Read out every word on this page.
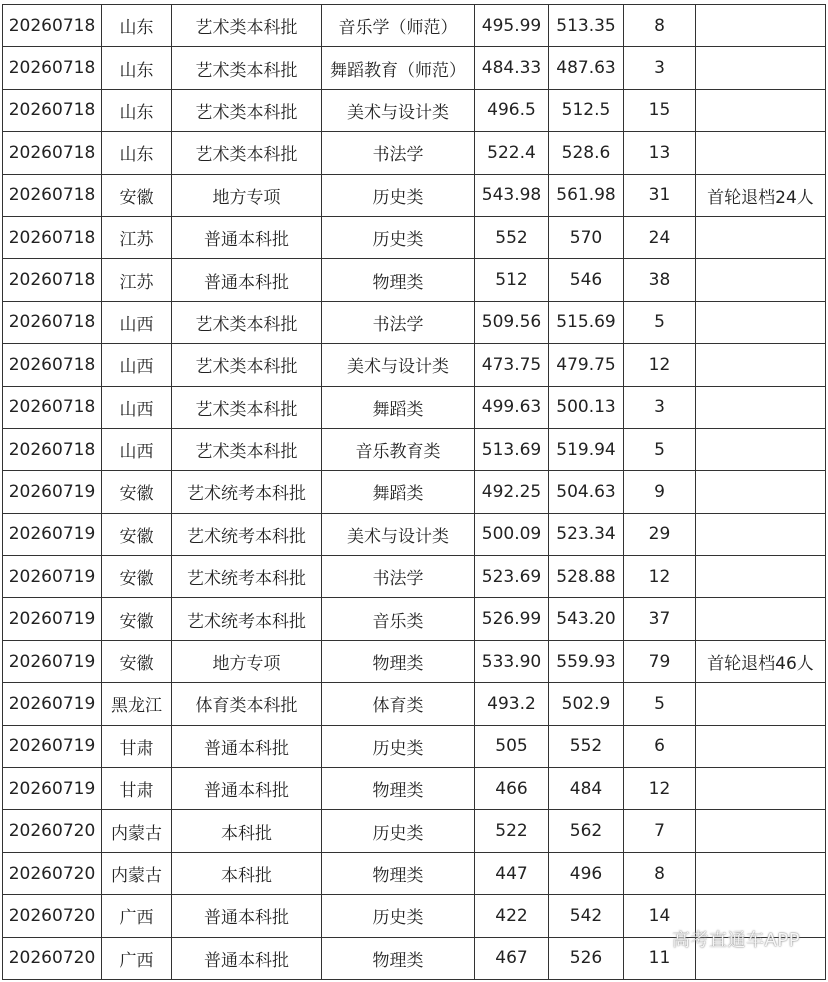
20260718	山东	艺术类本科批	音乐学（师范）	495.99	513.35	8	
20260718	山东	艺术类本科批	舞蹈教育（师范）	484.33	487.63	3	
20260718	山东	艺术类本科批	美术与设计类	496.5	512.5	15	
20260718	山东	艺术类本科批	书法学	522.4	528.6	13	
20260718	安徽	地方专项	历史类	543.98	561.98	31	首轮退档24人
20260718	江苏	普通本科批	历史类	552	570	24	
20260718	江苏	普通本科批	物理类	512	546	38	
20260718	山西	艺术类本科批	书法学	509.56	515.69	5	
20260718	山西	艺术类本科批	美术与设计类	473.75	479.75	12	
20260718	山西	艺术类本科批	舞蹈类	499.63	500.13	3	
20260718	山西	艺术类本科批	音乐教育类	513.69	519.94	5	
20260719	安徽	艺术统考本科批	舞蹈类	492.25	504.63	9	
20260719	安徽	艺术统考本科批	美术与设计类	500.09	523.34	29	
20260719	安徽	艺术统考本科批	书法学	523.69	528.88	12	
20260719	安徽	艺术统考本科批	音乐类	526.99	543.20	37	
20260719	安徽	地方专项	物理类	533.90	559.93	79	首轮退档46人
20260719	黑龙江	体育类本科批	体育类	493.2	502.9	5	
20260719	甘肃	普通本科批	历史类	505	552	6	
20260719	甘肃	普通本科批	物理类	466	484	12	
20260720	内蒙古	本科批	历史类	522	562	7	
20260720	内蒙古	本科批	物理类	447	496	8	
20260720	广西	普通本科批	历史类	422	542	14	
20260720	广西	普通本科批	物理类	467	526	11	
高考直通车APP
